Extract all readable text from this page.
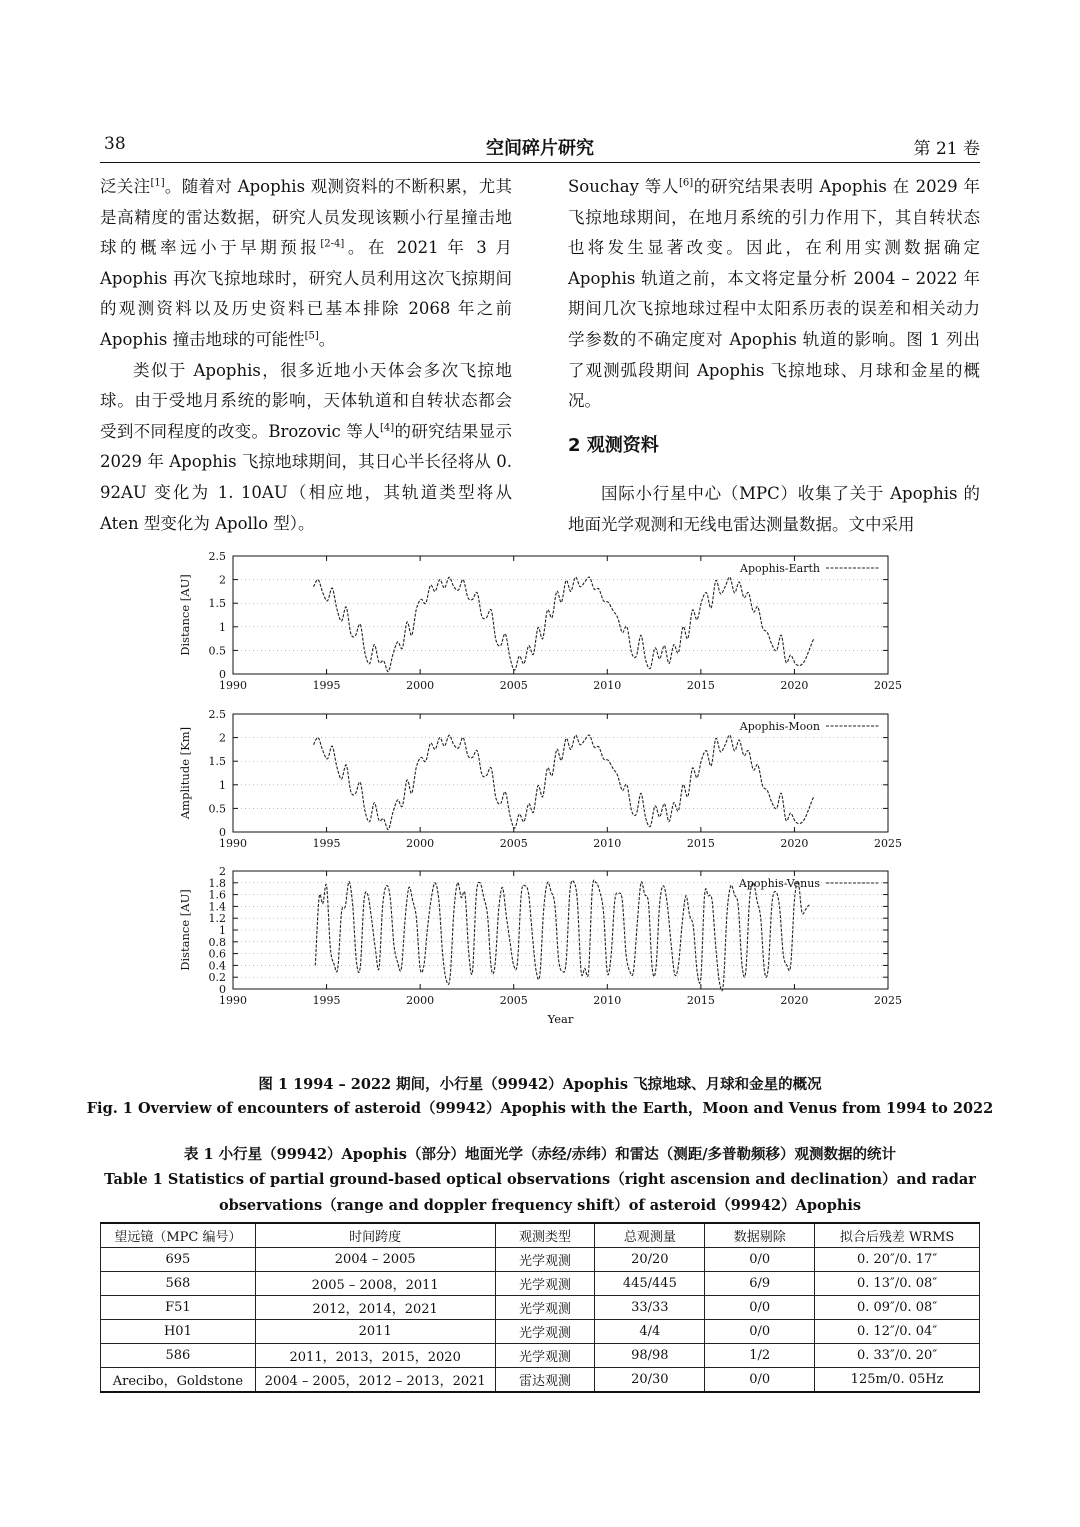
38	空间碎片研究	第 21 卷

泛关注[1]。随着对 Apophis 观测资料的不断积累，尤其是高精度的雷达数据，研究人员发现该颗小行星撞击地球的概率远小于早期预报[2-4]。在 2021 年 3 月 Apophis 再次飞掠地球时，研究人员利用这次飞掠期间的观测资料以及历史资料已基本排除 2068 年之前 Apophis 撞击地球的可能性[5]。

类似于 Apophis，很多近地小天体会多次飞掠地球。由于受地月系统的影响，天体轨道和自转状态都会受到不同程度的改变。Brozovic 等人[4]的研究结果显示 2029 年 Apophis 飞掠地球期间，其日心半长径将从 0. 92AU 变化为 1. 10AU（相应地，其轨道类型将从 Aten 型变化为 Apollo 型）。

Souchay 等人[6]的研究结果表明 Apophis 在 2029 年飞掠地球期间，在地月系统的引力作用下，其自转状态也将发生显著改变。因此，在利用实测数据确定 Apophis 轨道之前，本文将定量分析 2004 – 2022 年期间几次飞掠地球过程中太阳系历表的误差和相关动力学参数的不确定度对 Apophis 轨道的影响。图 1 列出了观测弧段期间 Apophis 飞掠地球、月球和金星的概况。

2 观测资料

国际小行星中心（MPC）收集了关于 Apophis 的地面光学观测和无线电雷达测量数据。文中采用

0
0.5
1
1.5
2
2.5
1990	1995	2000	2005	2010	2015	2020	2025
Distance [AU]
Apophis-Earth
0
0.5
1
1.5
2
2.5
1990	1995	2000	2005	2010	2015	2020	2025
Amplitude [Km]
Apophis-Moon
0
0.2
0.4
0.6
0.8
1
1.2
1.4
1.6
1.8
2
1990	1995	2000	2005	2010	2015	2020	2025
Distance [AU]
Year
Apophis-Venus
图 1 1994 – 2022 期间，小行星（99942）Apophis 飞掠地球、月球和金星的概况
Fig. 1 Overview of encounters of asteroid（99942）Apophis with the Earth，Moon and Venus from 1994 to 2022
表 1 小行星（99942）Apophis（部分）地面光学（赤经/赤纬）和雷达（测距/多普勒频移）观测数据的统计
Table 1 Statistics of partial ground-based optical observations（right ascension and declination）and radar
observations（range and doppler frequency shift）of asteroid（99942）Apophis
望远镜（MPC 编号）	时间跨度	观测类型	总观测量	数据剔除	拟合后残差 WRMS
695	2004 – 2005	光学观测	20/20	0/0	0. 20″/0. 17″
568	2005 – 2008，2011	光学观测	445/445	6/9	0. 13″/0. 08″
F51	2012，2014，2021	光学观测	33/33	0/0	0. 09″/0. 08″
H01	2011	光学观测	4/4	0/0	0. 12″/0. 04″
586	2011，2013，2015，2020	光学观测	98/98	1/2	0. 33″/0. 20″
Arecibo，Goldstone	2004 – 2005，2012 – 2013，2021	雷达观测	20/30	0/0	125m/0. 05Hz
